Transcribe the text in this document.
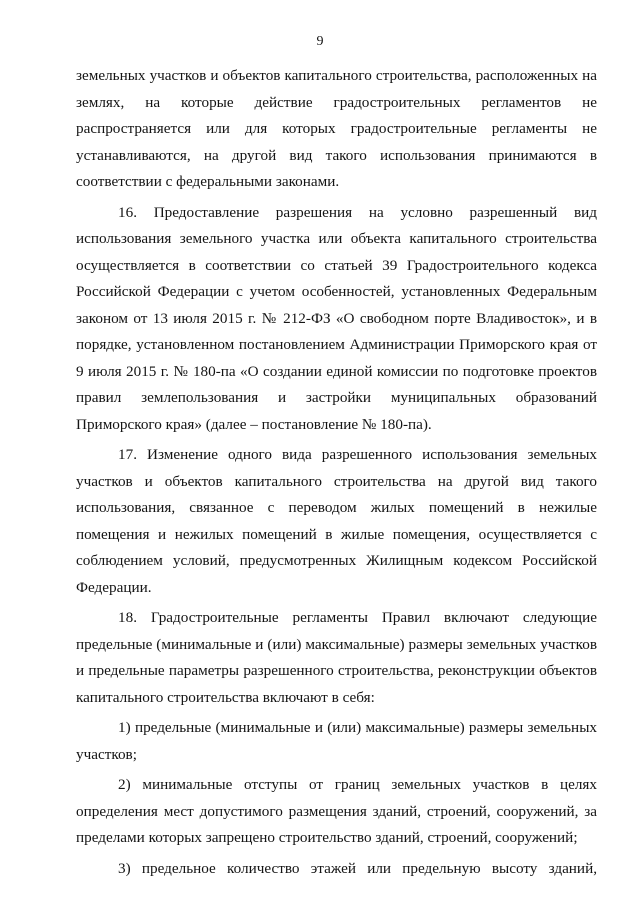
9

земельных участков и объектов капитального строительства, расположенных на землях, на которые действие градостроительных регламентов не распространяется или для которых градостроительные регламенты не устанавливаются, на другой вид такого использования принимаются в соответствии с федеральными законами.

16. Предоставление разрешения на условно разрешенный вид использования земельного участка или объекта капитального строительства осуществляется в соответствии со статьей 39 Градостроительного кодекса Российской Федерации с учетом особенностей, установленных Федеральным законом от 13 июля 2015 г. № 212-ФЗ «О свободном порте Владивосток», и в порядке, установленном постановлением Администрации Приморского края от 9 июля 2015 г. № 180-па «О создании единой комиссии по подготовке проектов правил землепользования и застройки муниципальных образований Приморского края» (далее – постановление № 180-па).

17. Изменение одного вида разрешенного использования земельных участков и объектов капитального строительства на другой вид такого использования, связанное с переводом жилых помещений в нежилые помещения и нежилых помещений в жилые помещения, осуществляется с соблюдением условий, предусмотренных Жилищным кодексом Российской Федерации.

18. Градостроительные регламенты Правил включают следующие предельные (минимальные и (или) максимальные) размеры земельных участков и предельные параметры разрешенного строительства, реконструкции объектов капитального строительства включают в себя:

1) предельные (минимальные и (или) максимальные) размеры земельных участков;

2) минимальные отступы от границ земельных участков в целях определения мест допустимого размещения зданий, строений, сооружений, за пределами которых запрещено строительство зданий, строений, сооружений;

3) предельное количество этажей или предельную высоту зданий,
